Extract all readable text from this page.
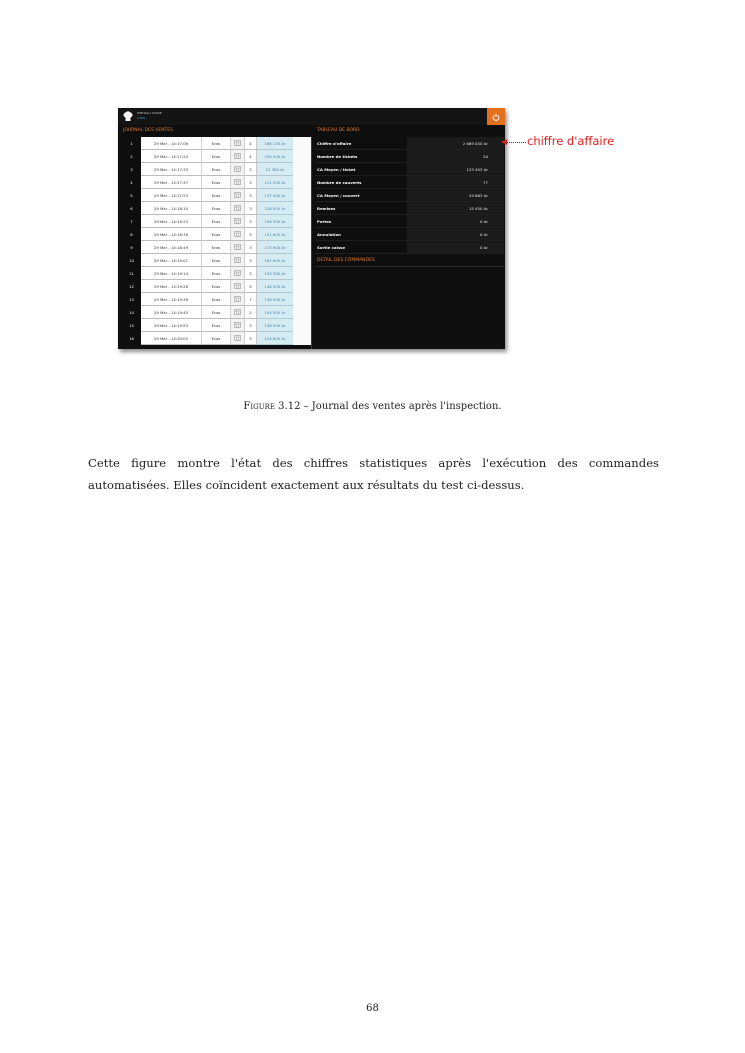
MISHALLI CASSE
USER
JOURNAL DES VENTES	TABLEAU DE BORD
1	29 Mar - 14:17:06	Ecas	4	166 150 Ar
2	29 Mar - 14:17:20	Ecas	4	259 500 Ar
3	29 Mar - 14:17:33	Ecas	3	21 350 Ar
4	29 Mar - 14:17:37	Ecas	3	111 200 Ar
5	29 Mar - 14:17:53	Ecas	3	137 400 Ar
6	29 Mar - 14:18:10	Ecas	3	128 000 Ar
7	29 Mar - 14:18:23	Ecas	3	156 300 Ar
8	29 Mar - 14:18:36	Ecas	3	131 600 Ar
9	29 Mar - 14:18:49	Ecas	3	115 900 Ar
10	29 Mar - 14:19:01	Ecas	3	167 600 Ar
11	29 Mar - 14:19:14	Ecas	3	135 350 Ar
12	29 Mar - 14:19:28	Ecas	9	148 500 Ar
13	29 Mar - 14:19:36	Ecas	7	138 000 Ar
14	29 Mar - 14:19:45	Ecas	2	145 500 Ar
15	29 Mar - 14:19:53	Ecas	3	138 500 Ar
16	29 Mar - 14:20:02	Ecas	3	124 800 Ar
Chiffre d'affaire	2 669 050 Ar
Nombre de tickets	20
CA Moyen / ticket	133 453 Ar
Nombre de couverts	77
CA Moyen / couvert	34 663 Ar
Remises	15 450 Ar
Pertes	0 Ar
Annulation	0 Ar
Sortie caisse	0 Ar
DETAIL DES COMMANDES
chiffre d'affaire
Figure 3.12 – Journal des ventes après l'inspection.

Cette figure montre l'état des chiffres statistiques après l'exécution des commandes automatisées. Elles coïncident exactement aux résultats du test ci-dessus.

68
